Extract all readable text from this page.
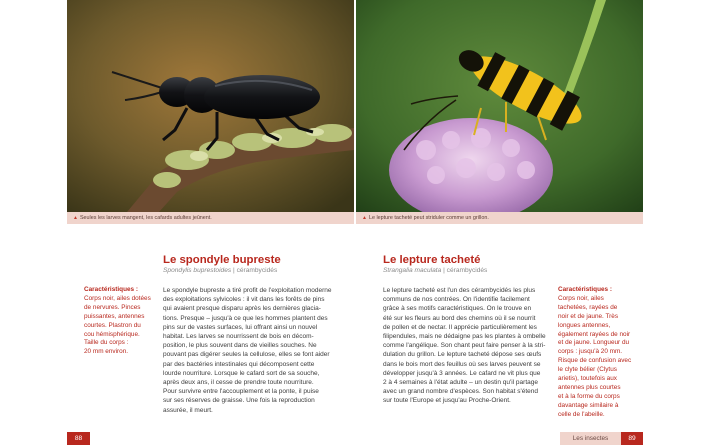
▲ Seules les larves mangent, les cafards adultes jeûnent.	▲ Le lepture tacheté peut striduler comme un grillon.
Le spondyle bupreste
Spondylis buprestoides | cérambycidés
Caractéristiques :
Corps noir, ailes dotées
de nervures. Pinces
puissantes, antennes
courtes. Plastron du
cou hémisphérique.
Taille du corps :
20 mm environ.
Le spondyle bupreste a tiré profit de l'exploitation moderne
des exploitations sylvicoles : il vit dans les forêts de pins
qui avaient presque disparu après les dernières glacia-
tions. Presque – jusqu'à ce que les hommes plantent des
pins sur de vastes surfaces, lui offrant ainsi un nouvel
habitat. Les larves se nourrissent de bois en décom-
position, le plus souvent dans de vieilles souches. Ne
pouvant pas digérer seules la cellulose, elles se font aider
par des bactéries intestinales qui décomposent cette
lourde nourriture. Lorsque le cafard sort de sa souche,
après deux ans, il cesse de prendre toute nourriture.
Pour survivre entre l'accouplement et la ponte, il puise
sur ses réserves de graisse. Une fois la reproduction
assurée, il meurt.
Le lepture tacheté
Strangalia maculata | cérambycidés
Le lepture tacheté est l'un des cérambycidés les plus
communs de nos contrées. On l'identifie facilement
grâce à ses motifs caractéristiques. On le trouve en
été sur les fleurs au bord des chemins où il se nourrit
de pollen et de nectar. Il apprécie particulièrement les
filipendules, mais ne dédaigne pas les plantes à ombelle
comme l'angélique. Son chant peut faire penser à la stri-
dulation du grillon. Le lepture tacheté dépose ses œufs
dans le bois mort des feuillus où ses larves peuvent se
développer jusqu'à 3 années. Le cafard ne vit plus que
2 à 4 semaines à l'état adulte – un destin qu'il partage
avec un grand nombre d'espèces. Son habitat s'étend
sur toute l'Europe et jusqu'au Proche-Orient.
Caractéristiques :
Corps noir, ailes
tachetées, rayées de
noir et de jaune. Très
longues antennes,
également rayées de noir
et de jaune. Longueur du
corps : jusqu'à 20 mm.
Risque de confusion avec
le clyte bélier (Clytus
arietis), toutefois aux
antennes plus courtes
et à la forme du corps
davantage similaire à
celle de l'abeille.
88	Les insectes	89
